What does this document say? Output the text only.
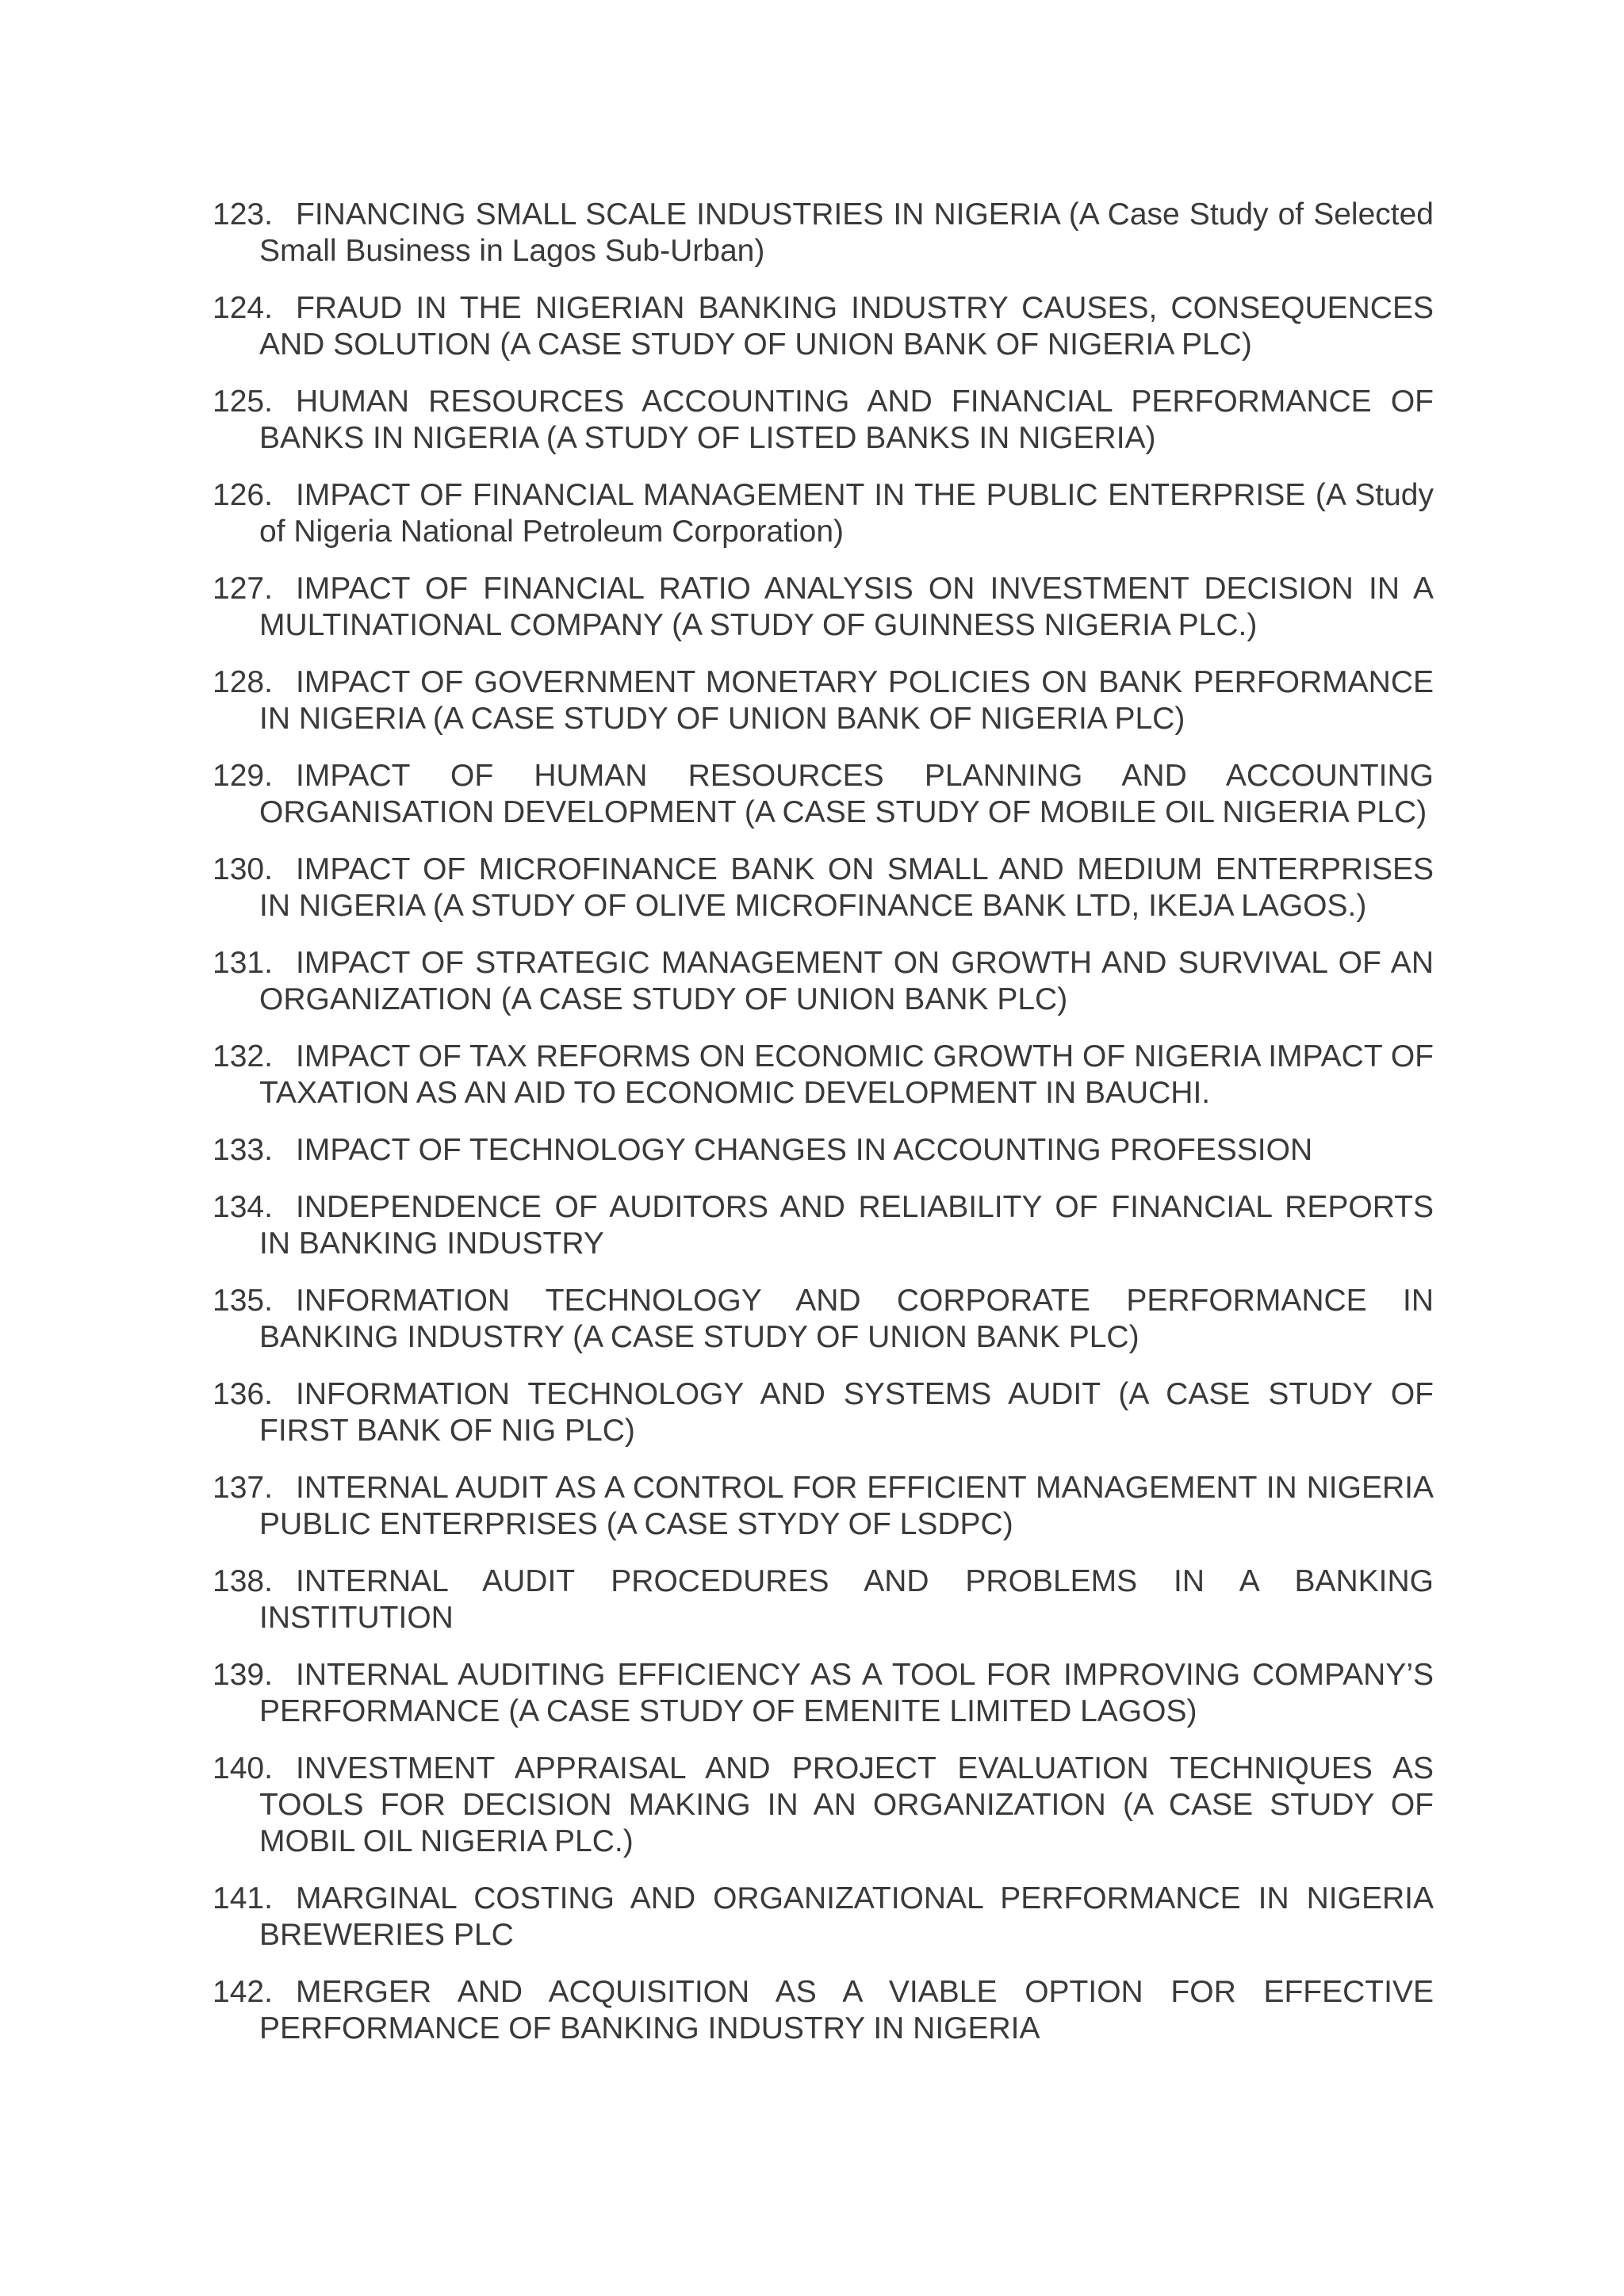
123. FINANCING SMALL SCALE INDUSTRIES IN NIGERIA (A Case Study of Selected Small Business in Lagos Sub-Urban)
124. FRAUD IN THE NIGERIAN BANKING INDUSTRY CAUSES, CONSEQUENCES AND SOLUTION (A CASE STUDY OF UNION BANK OF NIGERIA PLC)
125. HUMAN RESOURCES ACCOUNTING AND FINANCIAL PERFORMANCE OF BANKS IN NIGERIA (A STUDY OF LISTED BANKS IN NIGERIA)
126. IMPACT OF FINANCIAL MANAGEMENT IN THE PUBLIC ENTERPRISE (A Study of Nigeria National Petroleum Corporation)
127. IMPACT OF FINANCIAL RATIO ANALYSIS ON INVESTMENT DECISION IN A MULTINATIONAL COMPANY (A STUDY OF GUINNESS NIGERIA PLC.)
128. IMPACT OF GOVERNMENT MONETARY POLICIES ON BANK PERFORMANCE IN NIGERIA (A CASE STUDY OF UNION BANK OF NIGERIA PLC)
129. IMPACT OF HUMAN RESOURCES PLANNING AND ACCOUNTING ORGANISATION DEVELOPMENT (A CASE STUDY OF MOBILE OIL NIGERIA PLC)
130. IMPACT OF MICROFINANCE BANK ON SMALL AND MEDIUM ENTERPRISES IN NIGERIA (A STUDY OF OLIVE MICROFINANCE BANK LTD, IKEJA LAGOS.)
131. IMPACT OF STRATEGIC MANAGEMENT ON GROWTH AND SURVIVAL OF AN ORGANIZATION (A CASE STUDY OF UNION BANK PLC)
132. IMPACT OF TAX REFORMS ON ECONOMIC GROWTH OF NIGERIA IMPACT OF TAXATION AS AN AID TO ECONOMIC DEVELOPMENT IN BAUCHI.
133. IMPACT OF TECHNOLOGY CHANGES IN ACCOUNTING PROFESSION
134. INDEPENDENCE OF AUDITORS AND RELIABILITY OF FINANCIAL REPORTS IN BANKING INDUSTRY
135. INFORMATION TECHNOLOGY AND CORPORATE PERFORMANCE IN BANKING INDUSTRY (A CASE STUDY OF UNION BANK PLC)
136. INFORMATION TECHNOLOGY AND SYSTEMS AUDIT (A CASE STUDY OF FIRST BANK OF NIG PLC)
137. INTERNAL AUDIT AS A CONTROL FOR EFFICIENT MANAGEMENT IN NIGERIA PUBLIC ENTERPRISES (A CASE STYDY OF LSDPC)
138. INTERNAL AUDIT PROCEDURES AND PROBLEMS IN A BANKING INSTITUTION
139. INTERNAL AUDITING EFFICIENCY AS A TOOL FOR IMPROVING COMPANY’S PERFORMANCE (A CASE STUDY OF EMENITE LIMITED LAGOS)
140. INVESTMENT APPRAISAL AND PROJECT EVALUATION TECHNIQUES AS TOOLS FOR DECISION MAKING IN AN ORGANIZATION (A CASE STUDY OF MOBIL OIL NIGERIA PLC.)
141. MARGINAL COSTING AND ORGANIZATIONAL PERFORMANCE IN NIGERIA BREWERIES PLC
142. MERGER AND ACQUISITION AS A VIABLE OPTION FOR EFFECTIVE PERFORMANCE OF BANKING INDUSTRY IN NIGERIA
